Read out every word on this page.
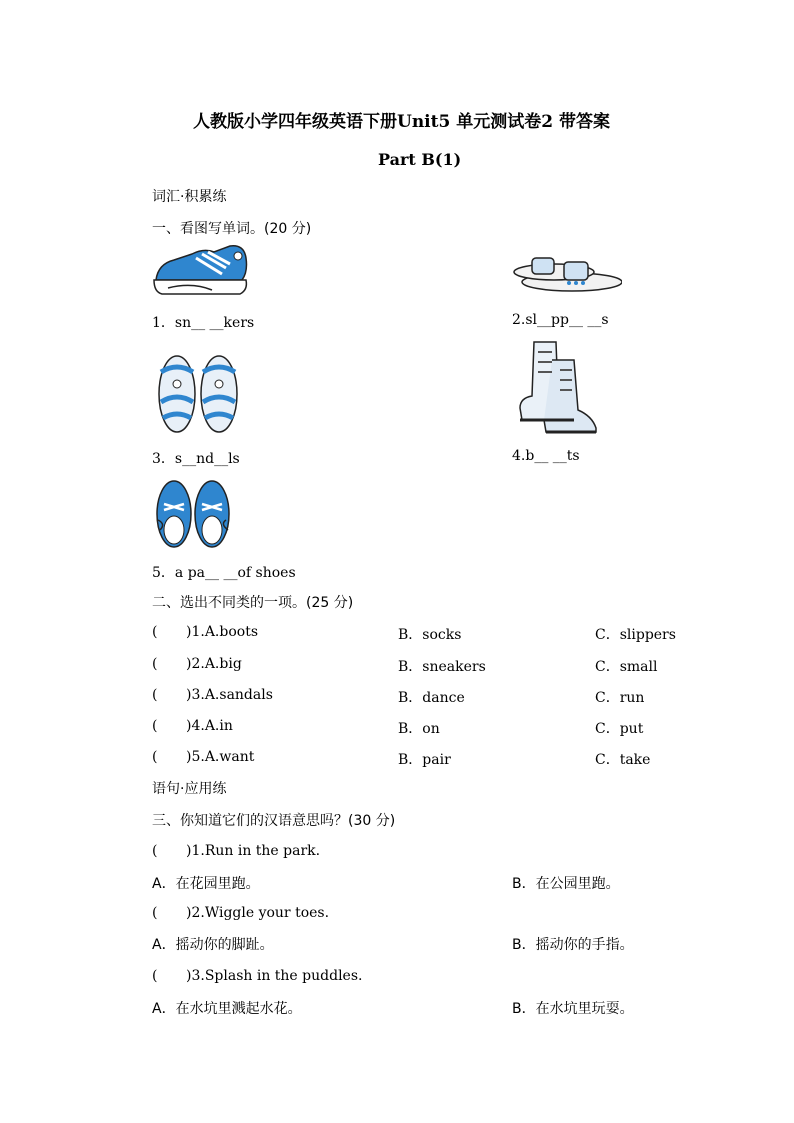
人教版小学四年级英语下册Unit5 单元测试卷2 带答案
Part B(1)
词汇·积累练
一、看图写单词。(20 分)
1．sn__ __kers	2.sl__pp__ __s
3．s__nd__ls	4.b__ __ts
5．a pa__ __of shoes
二、选出不同类的一项。(25 分)
( )1.A.boots	B．socks	C．slippers
( )2.A.big	B．sneakers	C．small
( )3.A.sandals	B．dance	C．run
( )4.A.in	B．on	C．put
( )5.A.want	B．pair	C．take
语句·应用练
三、你知道它们的汉语意思吗？(30 分)
( )1.Run in the park.
A．在花园里跑。	B．在公园里跑。
( )2.Wiggle your toes.
A．摇动你的脚趾。	B．摇动你的手指。
( )3.Splash in the puddles.
A．在水坑里溅起水花。	B．在水坑里玩耍。
